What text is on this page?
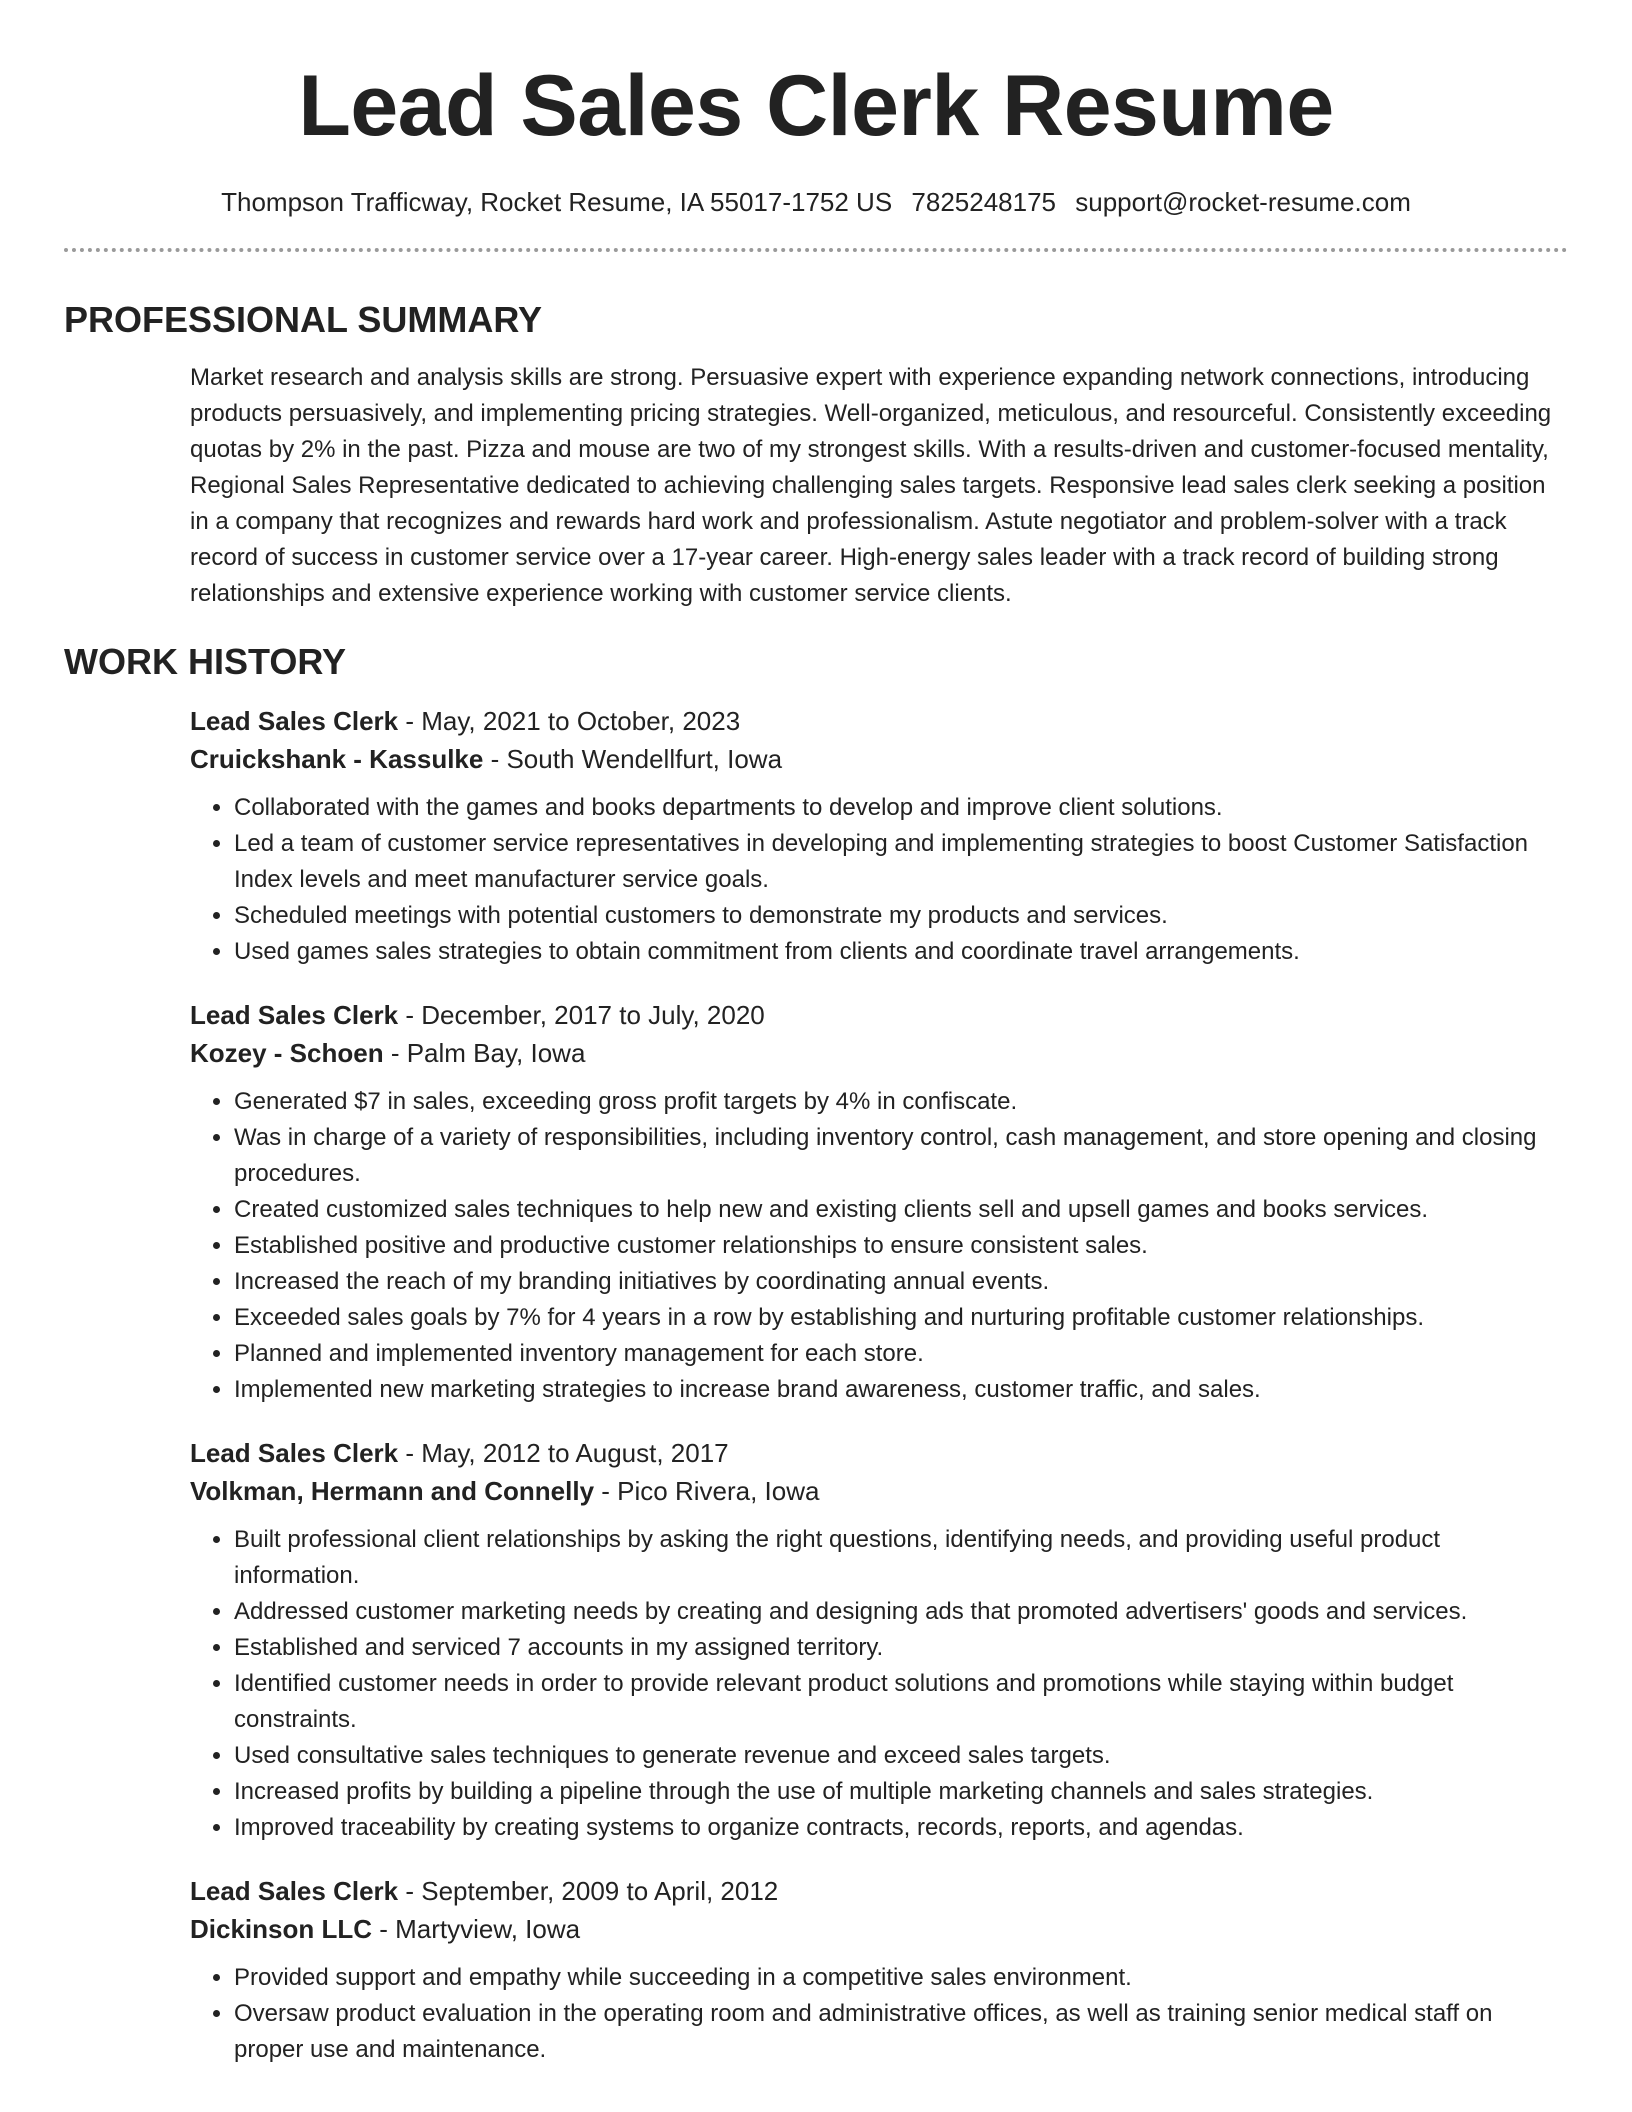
Lead Sales Clerk Resume
Thompson Trafficway, Rocket Resume, IA 55017-1752 US 7825248175 support@rocket-resume.com
PROFESSIONAL SUMMARY

Market research and analysis skills are strong. Persuasive expert with experience expanding network connections, introducing products persuasively, and implementing pricing strategies. Well-organized, meticulous, and resourceful. Consistently exceeding quotas by 2% in the past. Pizza and mouse are two of my strongest skills. With a results-driven and customer-focused mentality, Regional Sales Representative dedicated to achieving challenging sales targets. Responsive lead sales clerk seeking a position in a company that recognizes and rewards hard work and professionalism. Astute negotiator and problem-solver with a track record of success in customer service over a 17-year career. High-energy sales leader with a track record of building strong relationships and extensive experience working with customer service clients.

WORK HISTORY
Lead Sales Clerk - May, 2021 to October, 2023
Cruickshank - Kassulke - South Wendellfurt, Iowa
• Collaborated with the games and books departments to develop and improve client solutions.
• Led a team of customer service representatives in developing and implementing strategies to boost Customer Satisfaction Index levels and meet manufacturer service goals.
• Scheduled meetings with potential customers to demonstrate my products and services.
• Used games sales strategies to obtain commitment from clients and coordinate travel arrangements.
Lead Sales Clerk - December, 2017 to July, 2020
Kozey - Schoen - Palm Bay, Iowa
• Generated $7 in sales, exceeding gross profit targets by 4% in confiscate.
• Was in charge of a variety of responsibilities, including inventory control, cash management, and store opening and closing procedures.
• Created customized sales techniques to help new and existing clients sell and upsell games and books services.
• Established positive and productive customer relationships to ensure consistent sales.
• Increased the reach of my branding initiatives by coordinating annual events.
• Exceeded sales goals by 7% for 4 years in a row by establishing and nurturing profitable customer relationships.
• Planned and implemented inventory management for each store.
• Implemented new marketing strategies to increase brand awareness, customer traffic, and sales.
Lead Sales Clerk - May, 2012 to August, 2017
Volkman, Hermann and Connelly - Pico Rivera, Iowa
• Built professional client relationships by asking the right questions, identifying needs, and providing useful product information.
• Addressed customer marketing needs by creating and designing ads that promoted advertisers' goods and services.
• Established and serviced 7 accounts in my assigned territory.
• Identified customer needs in order to provide relevant product solutions and promotions while staying within budget constraints.
• Used consultative sales techniques to generate revenue and exceed sales targets.
• Increased profits by building a pipeline through the use of multiple marketing channels and sales strategies.
• Improved traceability by creating systems to organize contracts, records, reports, and agendas.
Lead Sales Clerk - September, 2009 to April, 2012
Dickinson LLC - Martyview, Iowa
• Provided support and empathy while succeeding in a competitive sales environment.
• Oversaw product evaluation in the operating room and administrative offices, as well as training senior medical staff on proper use and maintenance.
